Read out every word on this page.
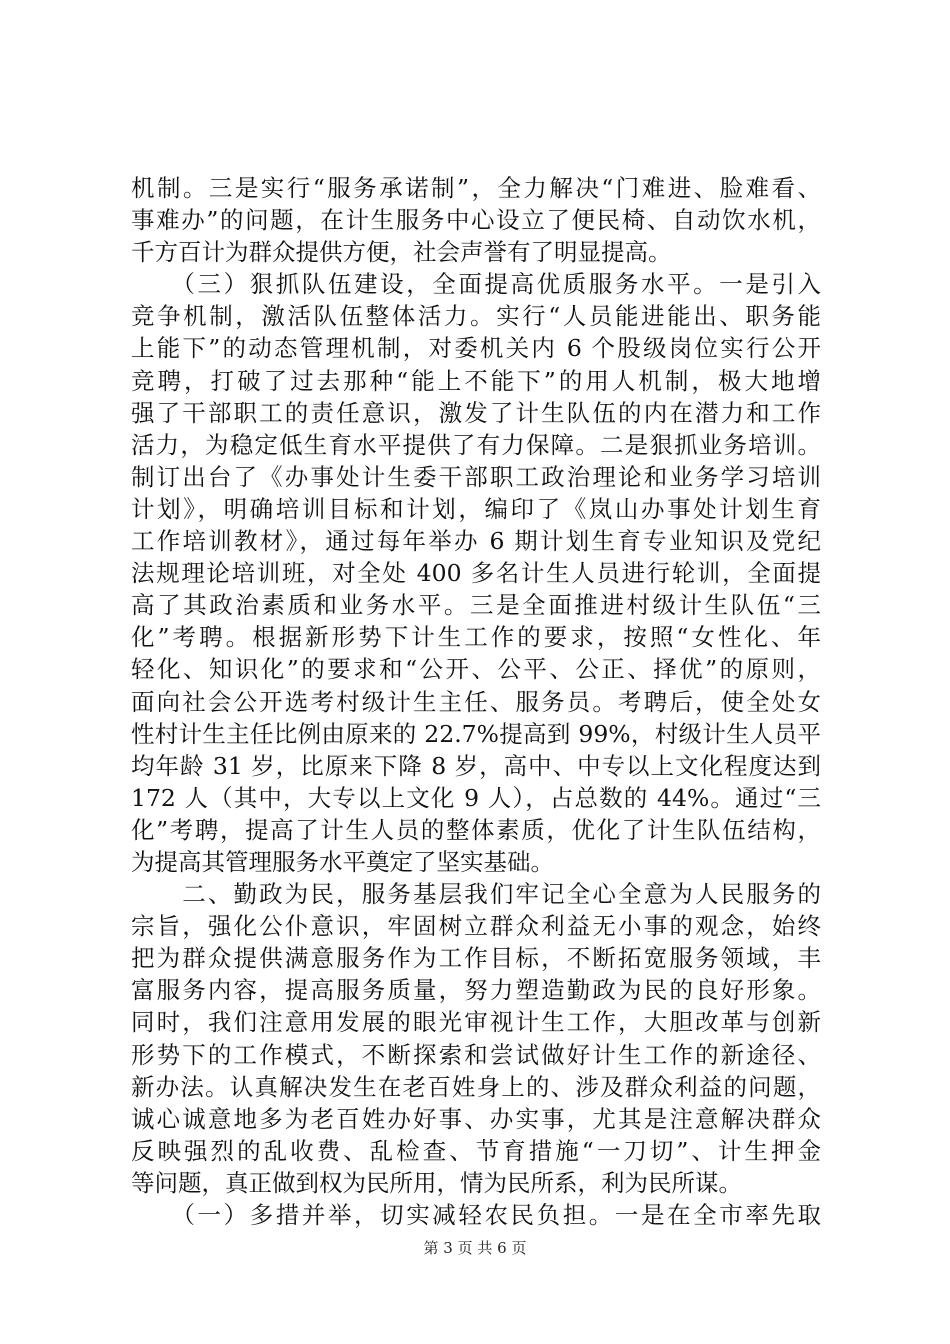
机制。三是实行“服务承诺制”，全力解决“门难进、脸难看、
事难办”的问题，在计生服务中心设立了便民椅、自动饮水机，
千方百计为群众提供方便，社会声誉有了明显提高。
　　（三）狠抓队伍建设，全面提高优质服务水平。一是引入
竞争机制，激活队伍整体活力。实行“人员能进能出、职务能
上能下”的动态管理机制，对委机关内 6 个股级岗位实行公开
竞聘，打破了过去那种“能上不能下”的用人机制，极大地增
强了干部职工的责任意识，激发了计生队伍的内在潜力和工作
活力，为稳定低生育水平提供了有力保障。二是狠抓业务培训。
制订出台了《办事处计生委干部职工政治理论和业务学习培训
计划》，明确培训目标和计划，编印了《岚山办事处计划生育
工作培训教材》，通过每年举办 6 期计划生育专业知识及党纪
法规理论培训班，对全处 400 多名计生人员进行轮训，全面提
高了其政治素质和业务水平。三是全面推进村级计生队伍“三
化”考聘。根据新形势下计生工作的要求，按照“女性化、年
轻化、知识化”的要求和“公开、公平、公正、择优”的原则，
面向社会公开选考村级计生主任、服务员。考聘后，使全处女
性村计生主任比例由原来的 22.7%提高到 99%，村级计生人员平
均年龄 31 岁，比原来下降 8 岁，高中、中专以上文化程度达到
172 人（其中，大专以上文化 9 人），占总数的 44%。通过“三
化”考聘，提高了计生人员的整体素质，优化了计生队伍结构，
为提高其管理服务水平奠定了坚实基础。
　　二、勤政为民，服务基层我们牢记全心全意为人民服务的
宗旨，强化公仆意识，牢固树立群众利益无小事的观念，始终
把为群众提供满意服务作为工作目标，不断拓宽服务领域，丰
富服务内容，提高服务质量，努力塑造勤政为民的良好形象。
同时，我们注意用发展的眼光审视计生工作，大胆改革与创新
形势下的工作模式，不断探索和尝试做好计生工作的新途径、
新办法。认真解决发生在老百姓身上的、涉及群众利益的问题，
诚心诚意地多为老百姓办好事、办实事，尤其是注意解决群众
反映强烈的乱收费、乱检查、节育措施“一刀切”、计生押金
等问题，真正做到权为民所用，情为民所系，利为民所谋。
　　（一）多措并举，切实减轻农民负担。一是在全市率先取
第 3 页 共 6 页
